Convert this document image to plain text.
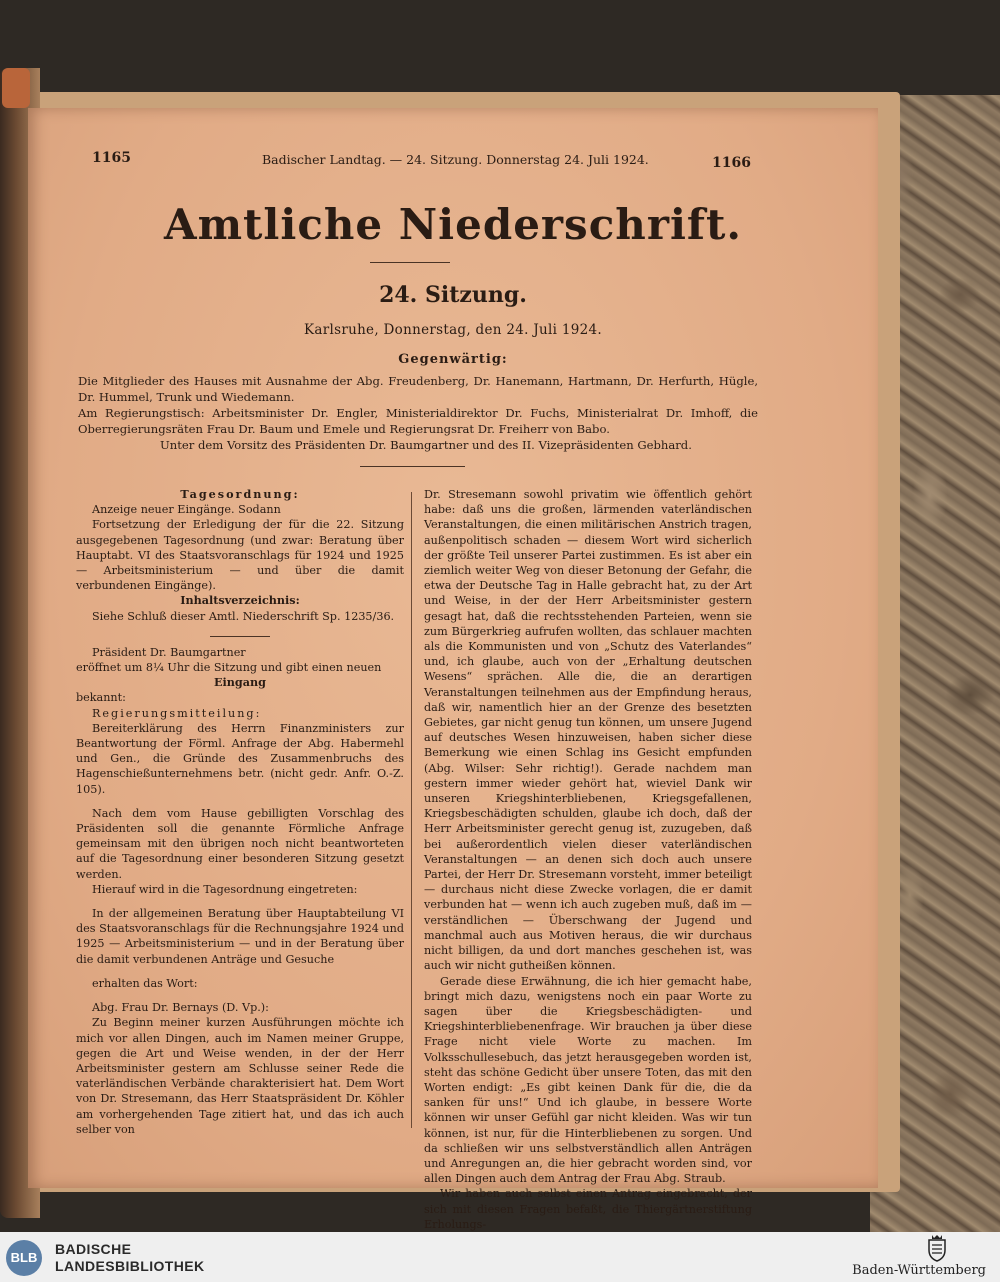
1165	Badischer Landtag. — 24. Sitzung. Donnerstag 24. Juli 1924.	1166
Amtliche Niederschrift.
24. Sitzung.
Karlsruhe, Donnerstag, den 24. Juli 1924.
Gegenwärtig:
Die Mitglieder des Hauses mit Ausnahme der Abg. Freudenberg, Dr. Hanemann, Hartmann, Dr. Herfurth, Hügle, Dr. Hummel, Trunk und Wiedemann.
Am Regierungstisch: Arbeitsminister Dr. Engler, Ministerialdirektor Dr. Fuchs, Ministerialrat Dr. Imhoff, die Oberregierungsräten Frau Dr. Baum und Emele und Regierungsrat Dr. Freiherr von Babo.
Unter dem Vorsitz des Präsidenten Dr. Baumgartner und des II. Vizepräsidenten Gebhard.

Tagesordnung:

Anzeige neuer Eingänge. Sodann

Fortsetzung der Erledigung der für die 22. Sitzung ausgegebenen Tagesordnung (und zwar: Beratung über Hauptabt. VI des Staatsvoranschlags für 1924 und 1925 — Arbeitsministerium — und über die damit verbundenen Eingänge).

Inhaltsverzeichnis:

Siehe Schluß dieser Amtl. Niederschrift Sp. 1235/36.

Präsident Dr. Baumgartner

eröffnet um 8¼ Uhr die Sitzung und gibt einen neuen

Eingang

bekannt:

Regierungsmitteilung:

Bereiterklärung des Herrn Finanzministers zur Beantwortung der Förml. Anfrage der Abg. Habermehl und Gen., die Gründe des Zusammenbruchs des Hagenschießunternehmens betr. (nicht gedr. Anfr. O.-Z. 105).

Nach dem vom Hause gebilligten Vorschlag des Präsidenten soll die genannte Förmliche Anfrage gemeinsam mit den übrigen noch nicht beantworteten auf die Tagesordnung einer besonderen Sitzung gesetzt werden.

Hierauf wird in die Tagesordnung eingetreten:

In der allgemeinen Beratung über Hauptabteilung VI des Staatsvoranschlags für die Rechnungsjahre 1924 und 1925 — Arbeitsministerium — und in der Beratung über die damit verbundenen Anträge und Gesuche

erhalten das Wort:

Abg. Frau Dr. Bernays (D. Vp.):

Zu Beginn meiner kurzen Ausführungen möchte ich mich vor allen Dingen, auch im Namen meiner Gruppe, gegen die Art und Weise wenden, in der der Herr Arbeitsminister gestern am Schlusse seiner Rede die vaterländischen Verbände charakterisiert hat. Dem Wort von Dr. Stresemann, das Herr Staatspräsident Dr. Köhler am vorhergehenden Tage zitiert hat, und das ich auch selber von

Dr. Stresemann sowohl privatim wie öffentlich gehört habe: daß uns die großen, lärmenden vaterländischen Veranstaltungen, die einen militärischen Anstrich tragen, außenpolitisch schaden — diesem Wort wird sicherlich der größte Teil unserer Partei zustimmen. Es ist aber ein ziemlich weiter Weg von dieser Betonung der Gefahr, die etwa der Deutsche Tag in Halle gebracht hat, zu der Art und Weise, in der der Herr Arbeitsminister gestern gesagt hat, daß die rechtsstehenden Parteien, wenn sie zum Bürgerkrieg aufrufen wollten, das schlauer machten als die Kommunisten und von „Schutz des Vaterlandes“ und, ich glaube, auch von der „Erhaltung deutschen Wesens“ sprächen. Alle die, die an derartigen Veranstaltungen teilnehmen aus der Empfindung heraus, daß wir, namentlich hier an der Grenze des besetzten Gebietes, gar nicht genug tun können, um unsere Jugend auf deutsches Wesen hinzuweisen, haben sicher diese Bemerkung wie einen Schlag ins Gesicht empfunden (Abg. Wilser: Sehr richtig!). Gerade nachdem man gestern immer wieder gehört hat, wieviel Dank wir unseren Kriegshinterbliebenen, Kriegsgefallenen, Kriegsbeschädigten schulden, glaube ich doch, daß der Herr Arbeitsminister gerecht genug ist, zuzugeben, daß bei außerordentlich vielen dieser vaterländischen Veranstaltungen — an denen sich doch auch unsere Partei, der Herr Dr. Stresemann vorsteht, immer beteiligt — durchaus nicht diese Zwecke vorlagen, die er damit verbunden hat — wenn ich auch zugeben muß, daß im — verständlichen — Überschwang der Jugend und manchmal auch aus Motiven heraus, die wir durchaus nicht billigen, da und dort manches geschehen ist, was auch wir nicht gutheißen können.

Gerade diese Erwähnung, die ich hier gemacht habe, bringt mich dazu, wenigstens noch ein paar Worte zu sagen über die Kriegsbeschädigten- und Kriegshinterbliebenenfrage. Wir brauchen ja über diese Frage nicht viele Worte zu machen. Im Volksschullesebuch, das jetzt herausgegeben worden ist, steht das schöne Gedicht über unsere Toten, das mit den Worten endigt: „Es gibt keinen Dank für die, die da sanken für uns!“ Und ich glaube, in bessere Worte können wir unser Gefühl gar nicht kleiden. Was wir tun können, ist nur, für die Hinterbliebenen zu sorgen. Und da schließen wir uns selbstverständlich allen Anträgen und Anregungen an, die hier gebracht worden sind, vor allen Dingen auch dem Antrag der Frau Abg. Straub.

Wir haben auch selbst einen Antrag eingebracht, der sich mit diesen Fragen befaßt, die Thiergärtnerstiftung Erholungs-

BLB
BADISCHE
LANDESBIBLIOTHEK	Baden-Württemberg
